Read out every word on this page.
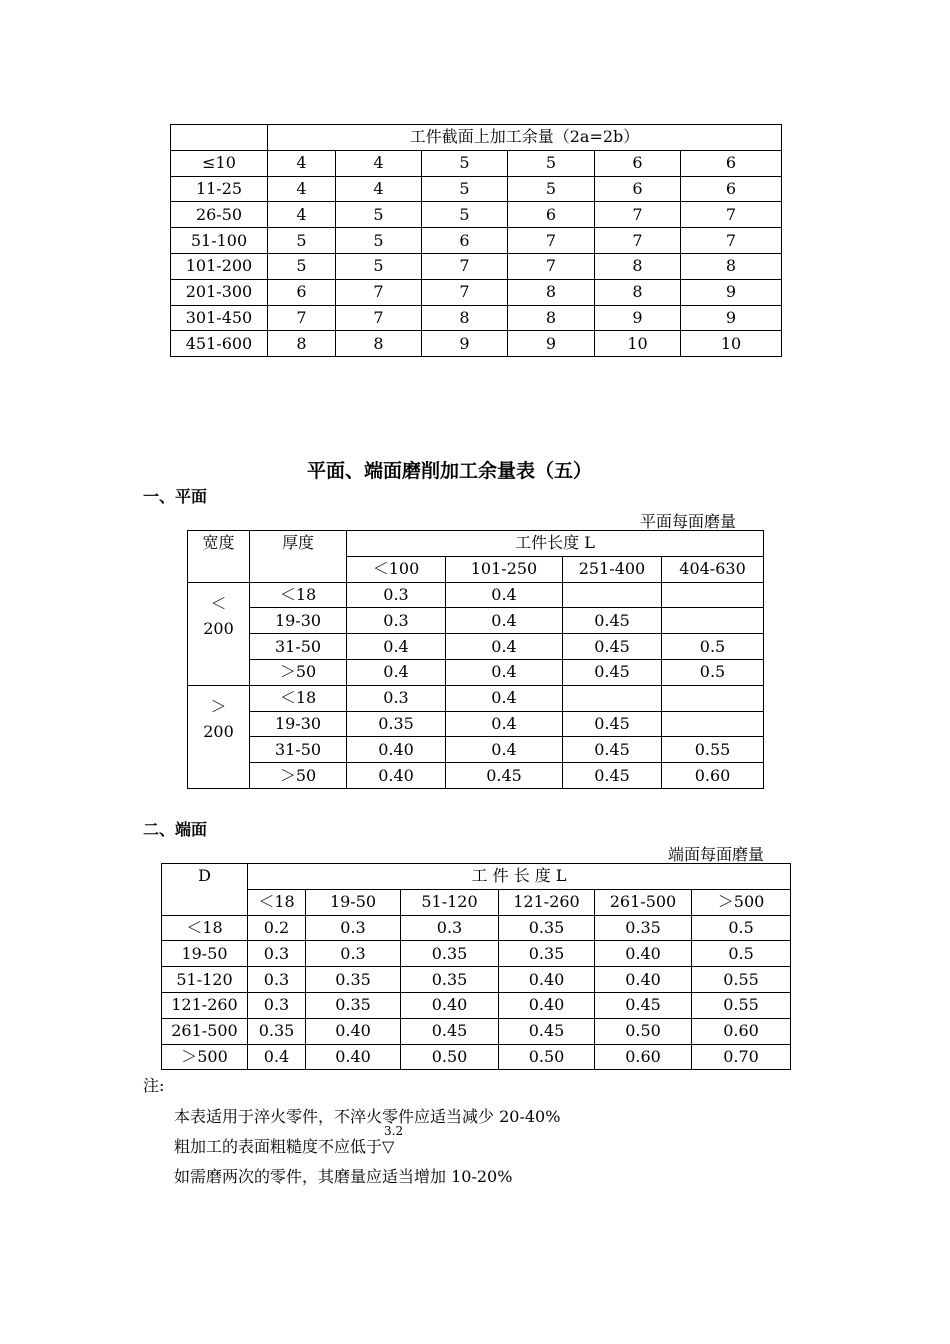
	工件截面上加工余量（2a=2b）					
≤10	4	4	5	5	6	6
11-25	4	4	5	5	6	6
26-50	4	5	5	6	7	7
51-100	5	5	6	7	7	7
101-200	5	5	7	7	8	8
201-300	6	7	7	8	8	9
301-450	7	7	8	8	9	9
451-600	8	8	9	9	10	10
平面、端面磨削加工余量表（五）
一、平面
平面每面磨量
宽度	厚度	工件长度 L			
		＜100	101-250	251-400	404-630

＜
200	＜18	0.3	0.4		
	19-30	0.3	0.4	0.45	
	31-50	0.4	0.4	0.45	0.5
	＞50	0.4	0.4	0.45	0.5

＞
200	＜18	0.3	0.4		
	19-30	0.35	0.4	0.45	
	31-50	0.40	0.4	0.45	0.55
	＞50	0.40	0.45	0.45	0.60
二、端面
端面每面磨量
D	工 件 长 度 L					
	＜18	19-50	51-120	121-260	261-500	＞500
＜18	0.2	0.3	0.3	0.35	0.35	0.5
19-50	0.3	0.3	0.35	0.35	0.40	0.5
51-120	0.3	0.35	0.35	0.40	0.40	0.55
121-260	0.3	0.35	0.40	0.40	0.45	0.55
261-500	0.35	0.40	0.45	0.45	0.50	0.60
＞500	0.4	0.40	0.50	0.50	0.60	0.70
注:
本表适用于淬火零件，不淬火零件应适当减少 20-40%
粗加工的表面粗糙度不应低于
3.2
▽
如需磨两次的零件，其磨量应适当增加 10-20%
